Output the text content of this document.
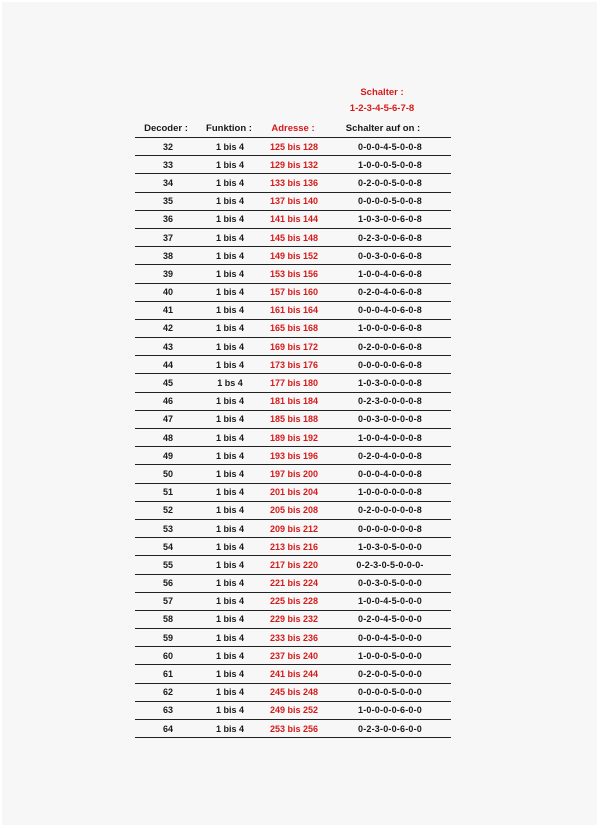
Schalter :
1-2-3-4-5-6-7-8
Decoder :	Funktion :	Adresse :	Schalter auf on :
32	1 bis 4	125 bis 128	0-0-0-4-5-0-0-8
33	1 bis 4	129 bis 132	1-0-0-0-5-0-0-8
34	1 bis 4	133 bis 136	0-2-0-0-5-0-0-8
35	1 bis 4	137 bis 140	0-0-0-0-5-0-0-8
36	1 bis 4	141 bis 144	1-0-3-0-0-6-0-8
37	1 bis 4	145 bis 148	0-2-3-0-0-6-0-8
38	1 bis 4	149 bis 152	0-0-3-0-0-6-0-8
39	1 bis 4	153 bis 156	1-0-0-4-0-6-0-8
40	1 bis 4	157 bis 160	0-2-0-4-0-6-0-8
41	1 bis 4	161 bis 164	0-0-0-4-0-6-0-8
42	1 bis 4	165 bis 168	1-0-0-0-0-6-0-8
43	1 bis 4	169 bis 172	0-2-0-0-0-6-0-8
44	1 bis 4	173 bis 176	0-0-0-0-0-6-0-8
45	1 bs 4	177 bis 180	1-0-3-0-0-0-0-8
46	1 bis 4	181 bis 184	0-2-3-0-0-0-0-8
47	1 bis 4	185 bis 188	0-0-3-0-0-0-0-8
48	1 bis 4	189 bis 192	1-0-0-4-0-0-0-8
49	1 bis 4	193 bis 196	0-2-0-4-0-0-0-8
50	1 bis 4	197 bis 200	0-0-0-4-0-0-0-8
51	1 bis 4	201 bis 204	1-0-0-0-0-0-0-8
52	1 bis 4	205 bis 208	0-2-0-0-0-0-0-8
53	1 bis 4	209 bis 212	0-0-0-0-0-0-0-8
54	1 bis 4	213 bis 216	1-0-3-0-5-0-0-0
55	1 bis 4	217 bis 220	0-2-3-0-5-0-0-0-
56	1 bis 4	221 bis 224	0-0-3-0-5-0-0-0
57	1 bis 4	225 bis 228	1-0-0-4-5-0-0-0
58	1 bis 4	229 bis 232	0-2-0-4-5-0-0-0
59	1 bis 4	233 bis 236	0-0-0-4-5-0-0-0
60	1 bis 4	237 bis 240	1-0-0-0-5-0-0-0
61	1 bis 4	241 bis 244	0-2-0-0-5-0-0-0
62	1 bis 4	245 bis 248	0-0-0-0-5-0-0-0
63	1 bis 4	249 bis 252	1-0-0-0-0-6-0-0
64	1 bis 4	253 bis 256	0-2-3-0-0-6-0-0
